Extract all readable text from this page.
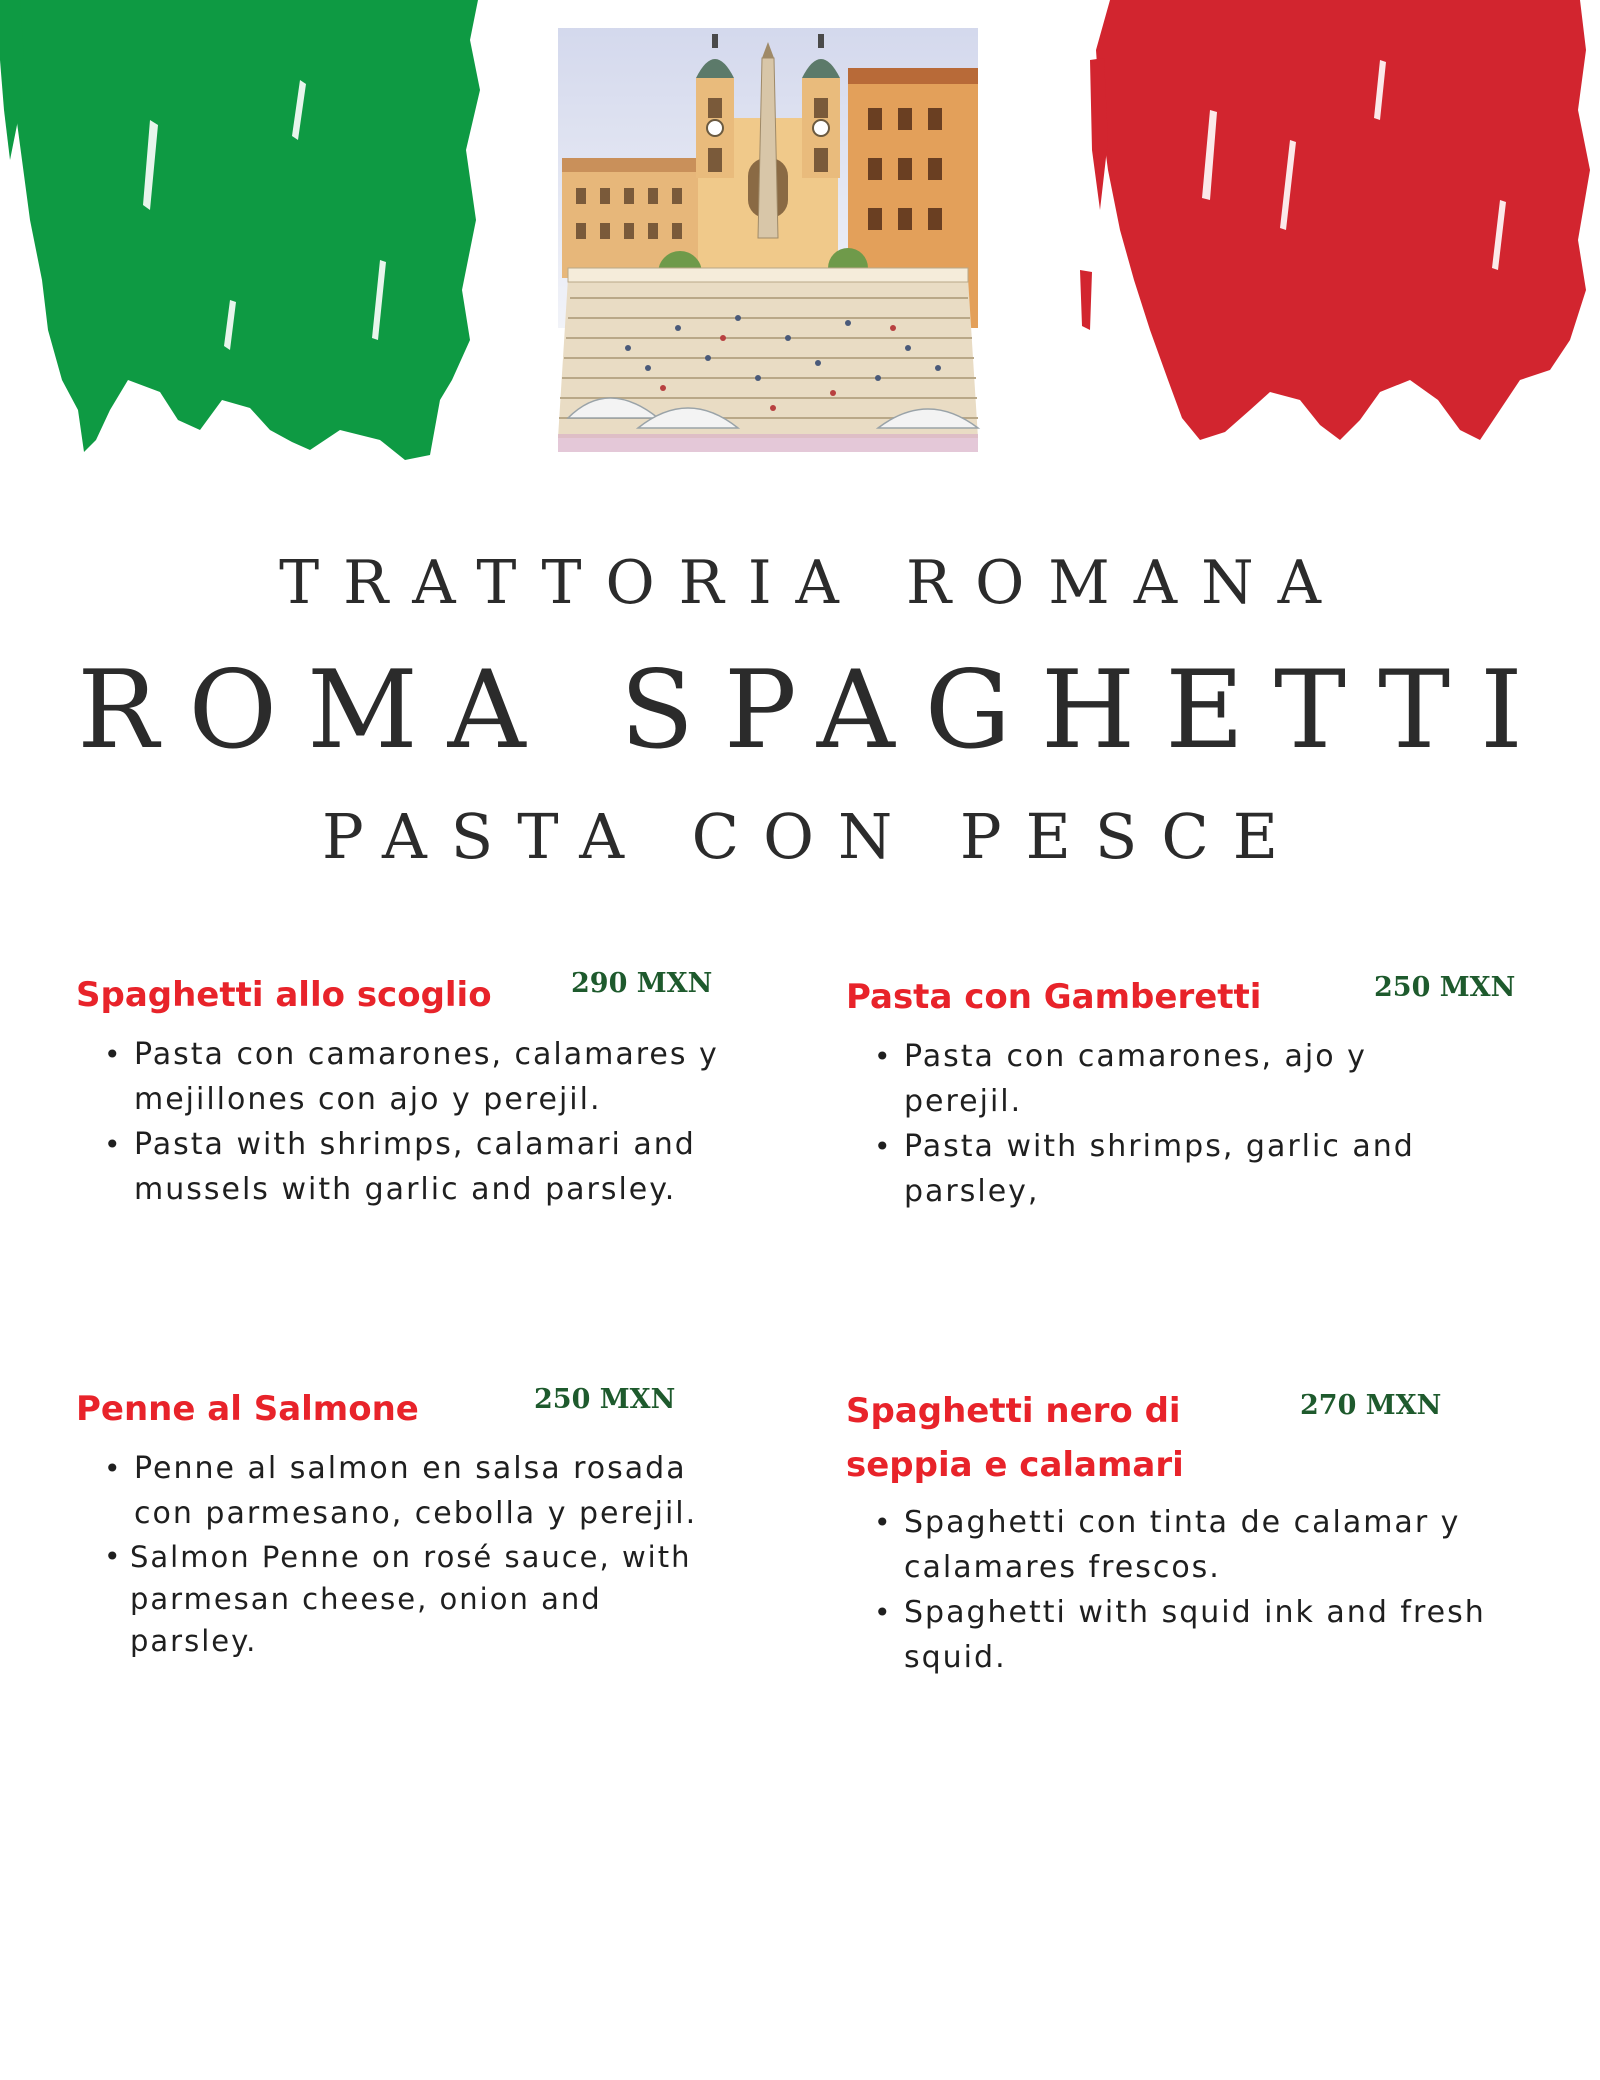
TRATTORIA ROMANA
ROMA SPAGHETTI
PASTA CON PESCE
Spaghetti allo scoglio	290 MXN

• Pasta con camarones, calamares y mejillones con ajo y perejil.
• Pasta with shrimps, calamari and mussels with garlic and parsley.
Pasta con Gamberetti	250 MXN

• Pasta con camarones, ajo y perejil.
• Pasta with shrimps, garlic and parsley,
Penne al Salmone	250 MXN

• Penne al salmon en salsa rosada con parmesano, cebolla y perejil.
• Salmon Penne on rosé sauce, with parmesan cheese, onion and parsley.
Spaghetti nero di seppia e calamari

270 MXN

• Spaghetti con tinta de calamar y calamares frescos.
• Spaghetti with squid ink and fresh squid.
